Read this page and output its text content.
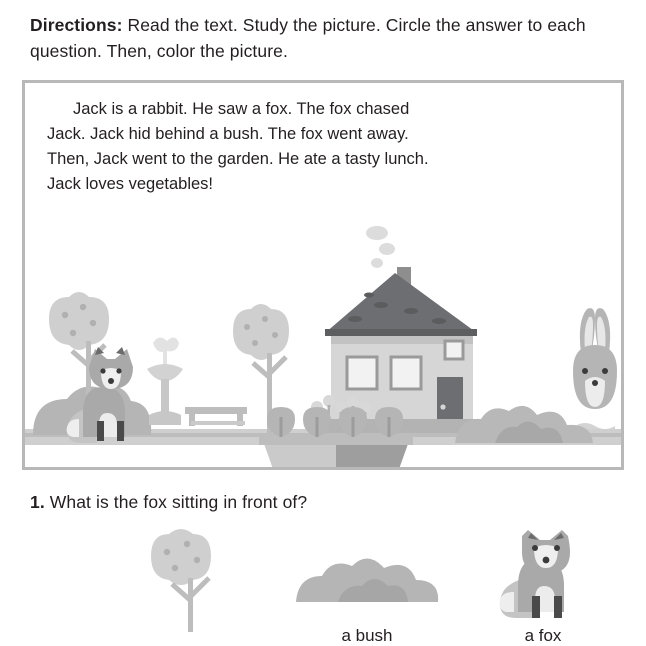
Directions: Read the text. Study the picture. Circle the answer to each question. Then, color the picture.
Jack is a rabbit. He saw a fox. The fox chased
Jack. Jack hid behind a bush. The fox went away.
Then, Jack went to the garden. He ate a tasty lunch.
Jack loves vegetables!
1. What is the fox sitting in front of?
a bush	a fox
